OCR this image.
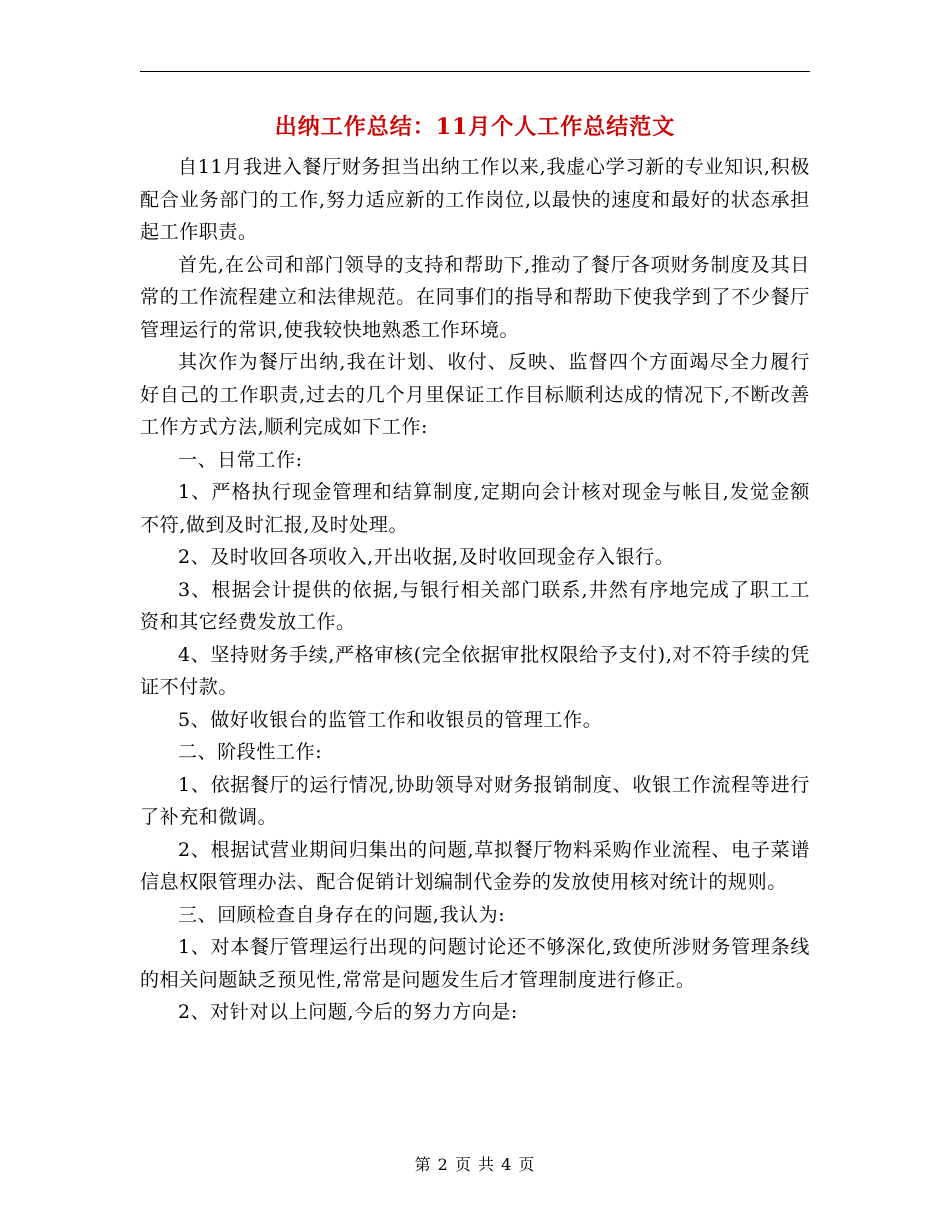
出纳工作总结：11月个人工作总结范文

自11月我进入餐厅财务担当出纳工作以来,我虚心学习新的专业知识,积极配合业务部门的工作,努力适应新的工作岗位,以最快的速度和最好的状态承担起工作职责。

首先,在公司和部门领导的支持和帮助下,推动了餐厅各项财务制度及其日常的工作流程建立和法律规范。在同事们的指导和帮助下使我学到了不少餐厅管理运行的常识,使我较快地熟悉工作环境。

其次作为餐厅出纳,我在计划、收付、反映、监督四个方面竭尽全力履行好自己的工作职责,过去的几个月里保证工作目标顺利达成的情况下,不断改善工作方式方法,顺利完成如下工作:

一、日常工作:

1、严格执行现金管理和结算制度,定期向会计核对现金与帐目,发觉金额不符,做到及时汇报,及时处理。

2、及时收回各项收入,开出收据,及时收回现金存入银行。

3、根据会计提供的依据,与银行相关部门联系,井然有序地完成了职工工资和其它经费发放工作。

4、坚持财务手续,严格审核(完全依据审批权限给予支付),对不符手续的凭证不付款。

5、做好收银台的监管工作和收银员的管理工作。

二、阶段性工作:

1、依据餐厅的运行情况,协助领导对财务报销制度、收银工作流程等进行了补充和微调。

2、根据试营业期间归集出的问题,草拟餐厅物料采购作业流程、电子菜谱信息权限管理办法、配合促销计划编制代金券的发放使用核对统计的规则。

三、回顾检查自身存在的问题,我认为:

1、对本餐厅管理运行出现的问题讨论还不够深化,致使所涉财务管理条线的相关问题缺乏预见性,常常是问题发生后才管理制度进行修正。

2、对针对以上问题,今后的努力方向是:

第 2 页 共 4 页
